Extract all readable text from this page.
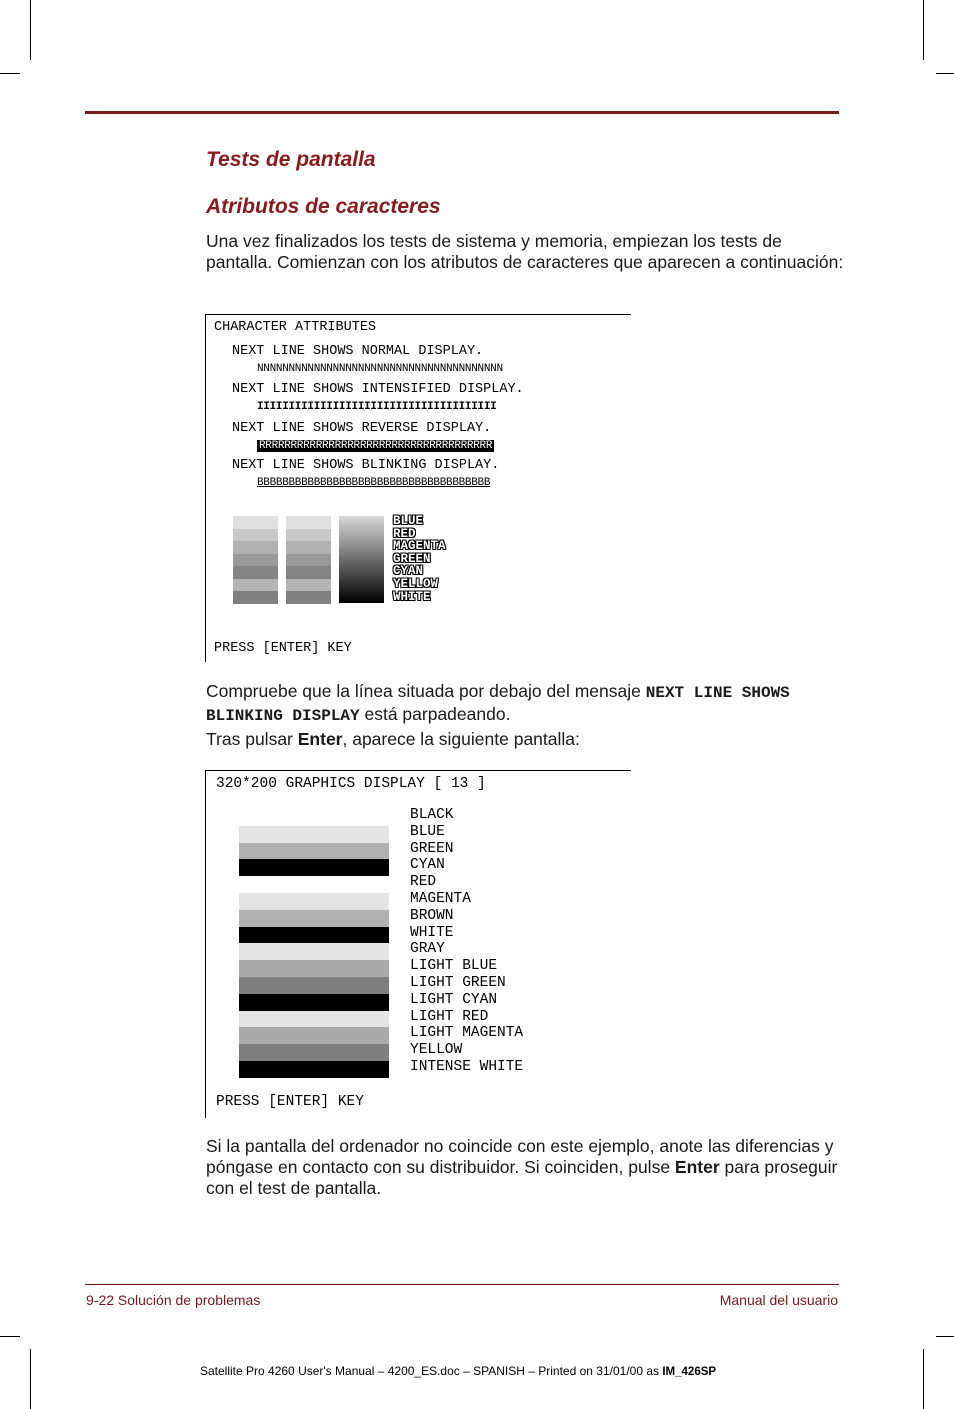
Tests de pantalla
Atributos de caracteres

Una vez finalizados los tests de sistema y memoria, empiezan los tests de pantalla. Comienzan con los atributos de caracteres que aparecen a continuación:

CHARACTER ATTRIBUTES
NEXT LINE SHOWS NORMAL DISPLAY.
NNNNNNNNNNNNNNNNNNNNNNNNNNNNNNNNNNNNNNN
NEXT LINE SHOWS INTENSIFIED DISPLAY.
IIIIIIIIIIIIIIIIIIIIIIIIIIIIIIIIIIIIII
NEXT LINE SHOWS REVERSE DISPLAY.
RRRRRRRRRRRRRRRRRRRRRRRRRRRRRRRRRRRRR
NEXT LINE SHOWS BLINKING DISPLAY.
BBBBBBBBBBBBBBBBBBBBBBBBBBBBBBBBBBBBB
BLUE
RED
MAGENTA
GREEN
CYAN
YELLOW
WHITE
PRESS [ENTER] KEY

Compruebe que la línea situada por debajo del mensaje NEXT LINE SHOWS BLINKING DISPLAY está parpadeando.

Tras pulsar Enter, aparece la siguiente pantalla:

320*200 GRAPHICS DISPLAY [ 13 ]
BLACK
BLUE
GREEN
CYAN
RED
MAGENTA
BROWN
WHITE
GRAY
LIGHT BLUE
LIGHT GREEN
LIGHT CYAN
LIGHT RED
LIGHT MAGENTA
YELLOW
INTENSE WHITE
PRESS [ENTER] KEY

Si la pantalla del ordenador no coincide con este ejemplo, anote las diferencias y póngase en contacto con su distribuidor. Si coinciden, pulse Enter para proseguir con el test de pantalla.

9-22 Solución de problemas	Manual del usuario
Satellite Pro 4260 User's Manual – 4200_ES.doc – SPANISH – Printed on 31/01/00 as IM_426SP
